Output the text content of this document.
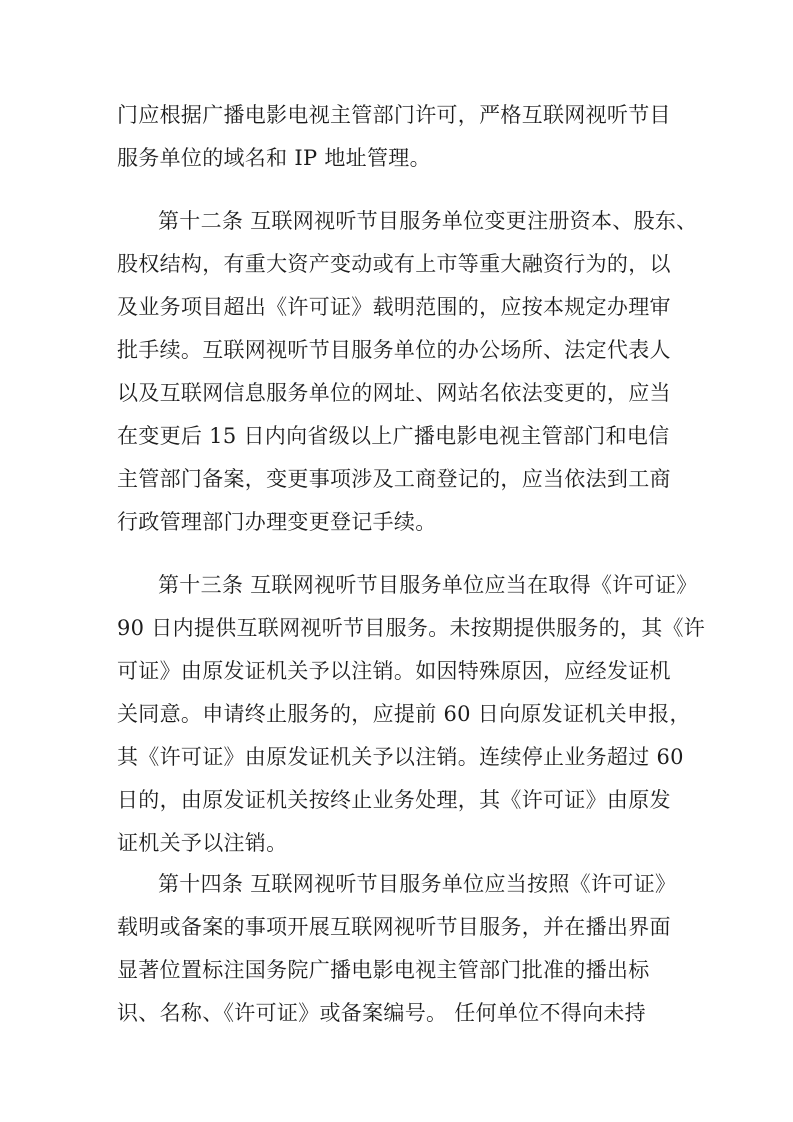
门应根据广播电影电视主管部门许可，严格互联网视听节目
服务单位的域名和 IP 地址管理。
第十二条 互联网视听节目服务单位变更注册资本、股东、
股权结构，有重大资产变动或有上市等重大融资行为的，以
及业务项目超出《许可证》载明范围的，应按本规定办理审
批手续。互联网视听节目服务单位的办公场所、法定代表人
以及互联网信息服务单位的网址、网站名依法变更的，应当
在变更后 15 日内向省级以上广播电影电视主管部门和电信
主管部门备案，变更事项涉及工商登记的，应当依法到工商
行政管理部门办理变更登记手续。
第十三条 互联网视听节目服务单位应当在取得《许可证》
90 日内提供互联网视听节目服务。未按期提供服务的，其《许
可证》由原发证机关予以注销。如因特殊原因，应经发证机
关同意。申请终止服务的，应提前 60 日向原发证机关申报，
其《许可证》由原发证机关予以注销。连续停止业务超过 60
日的，由原发证机关按终止业务处理，其《许可证》由原发
证机关予以注销。
第十四条 互联网视听节目服务单位应当按照《许可证》
载明或备案的事项开展互联网视听节目服务，并在播出界面
显著位置标注国务院广播电影电视主管部门批准的播出标
识、名称、《许可证》或备案编号。 任何单位不得向未持
